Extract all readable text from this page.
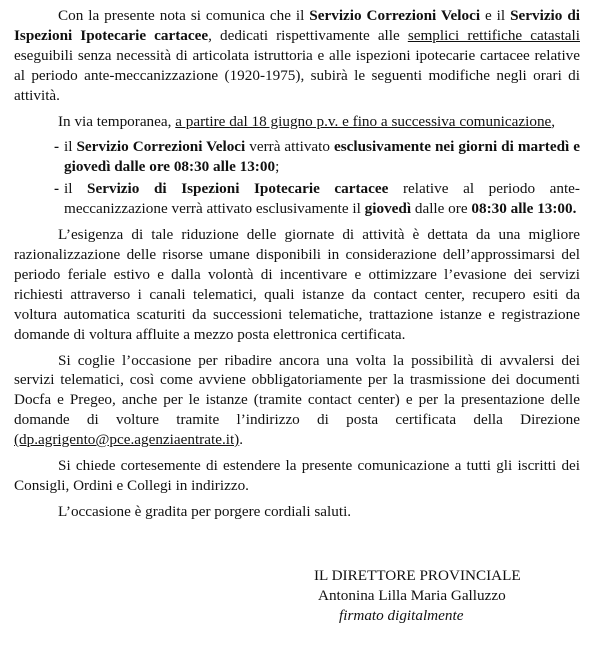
Con la presente nota si comunica che il Servizio Correzioni Veloci e il Servizio di Ispezioni Ipotecarie cartacee, dedicati rispettivamente alle semplici rettifiche catastali eseguibili senza necessità di articolata istruttoria e alle ispezioni ipotecarie cartacee relative al periodo ante-meccanizzazione (1920-1975), subirà le seguenti modifiche negli orari di attività.

In via temporanea, a partire dal 18 giugno p.v. e fino a successiva comunicazione,

- il Servizio Correzioni Veloci verrà attivato esclusivamente nei giorni di martedì e giovedì dalle ore 08:30 alle 13:00;
- il Servizio di Ispezioni Ipotecarie cartacee relative al periodo ante-meccanizzazione verrà attivato esclusivamente il giovedì dalle ore 08:30 alle 13:00.

L’esigenza di tale riduzione delle giornate di attività è dettata da una migliore razionalizzazione delle risorse umane disponibili in considerazione dell’approssimarsi del periodo feriale estivo e dalla volontà di incentivare e ottimizzare l’evasione dei servizi richiesti attraverso i canali telematici, quali istanze da contact center, recupero esiti da voltura automatica scaturiti da successioni telematiche, trattazione istanze e registrazione domande di voltura affluite a mezzo posta elettronica certificata.

Si coglie l’occasione per ribadire ancora una volta la possibilità di avvalersi dei servizi telematici, così come avviene obbligatoriamente per la trasmissione dei documenti Docfa e Pregeo, anche per le istanze (tramite contact center) e per la presentazione delle domande di volture tramite l’indirizzo di posta certificata della Direzione (dp.agrigento@pce.agenziaentrate.it).

Si chiede cortesemente di estendere la presente comunicazione a tutti gli iscritti dei Consigli, Ordini e Collegi in indirizzo.

L’occasione è gradita per porgere cordiali saluti.

IL DIRETTORE PROVINCIALE
Antonina Lilla Maria Galluzzo
firmato digitalmente
